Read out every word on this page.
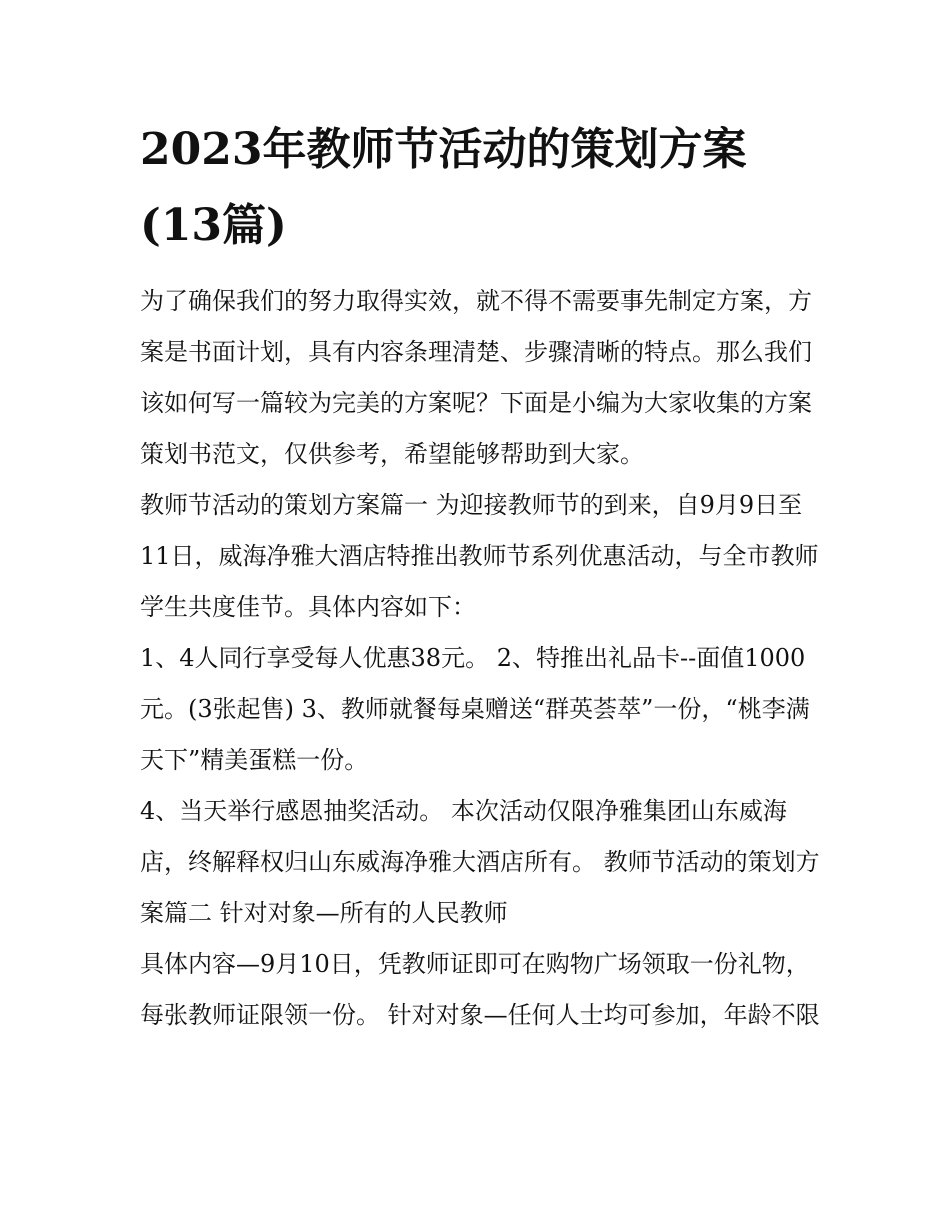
2023年教师节活动的策划方案(13篇)

为了确保我们的努力取得实效，就不得不需要事先制定方案，方案是书面计划，具有内容条理清楚、步骤清晰的特点。那么我们该如何写一篇较为完美的方案呢？下面是小编为大家收集的方案策划书范文，仅供参考，希望能够帮助到大家。

教师节活动的策划方案篇一 为迎接教师节的到来，自9月9日至11日，威海净雅大酒店特推出教师节系列优惠活动，与全市教师学生共度佳节。具体内容如下：

1、4人同行享受每人优惠38元。 2、特推出礼品卡--面值1000元。(3张起售) 3、教师就餐每桌赠送“群英荟萃”一份，“桃李满天下”精美蛋糕一份。

4、当天举行感恩抽奖活动。 本次活动仅限净雅集团山东威海店，终解释权归山东威海净雅大酒店所有。 教师节活动的策划方案篇二 针对对象—所有的人民教师

具体内容—9月10日，凭教师证即可在购物广场领取一份礼物，每张教师证限领一份。 针对对象—任何人士均可参加，年龄不限
